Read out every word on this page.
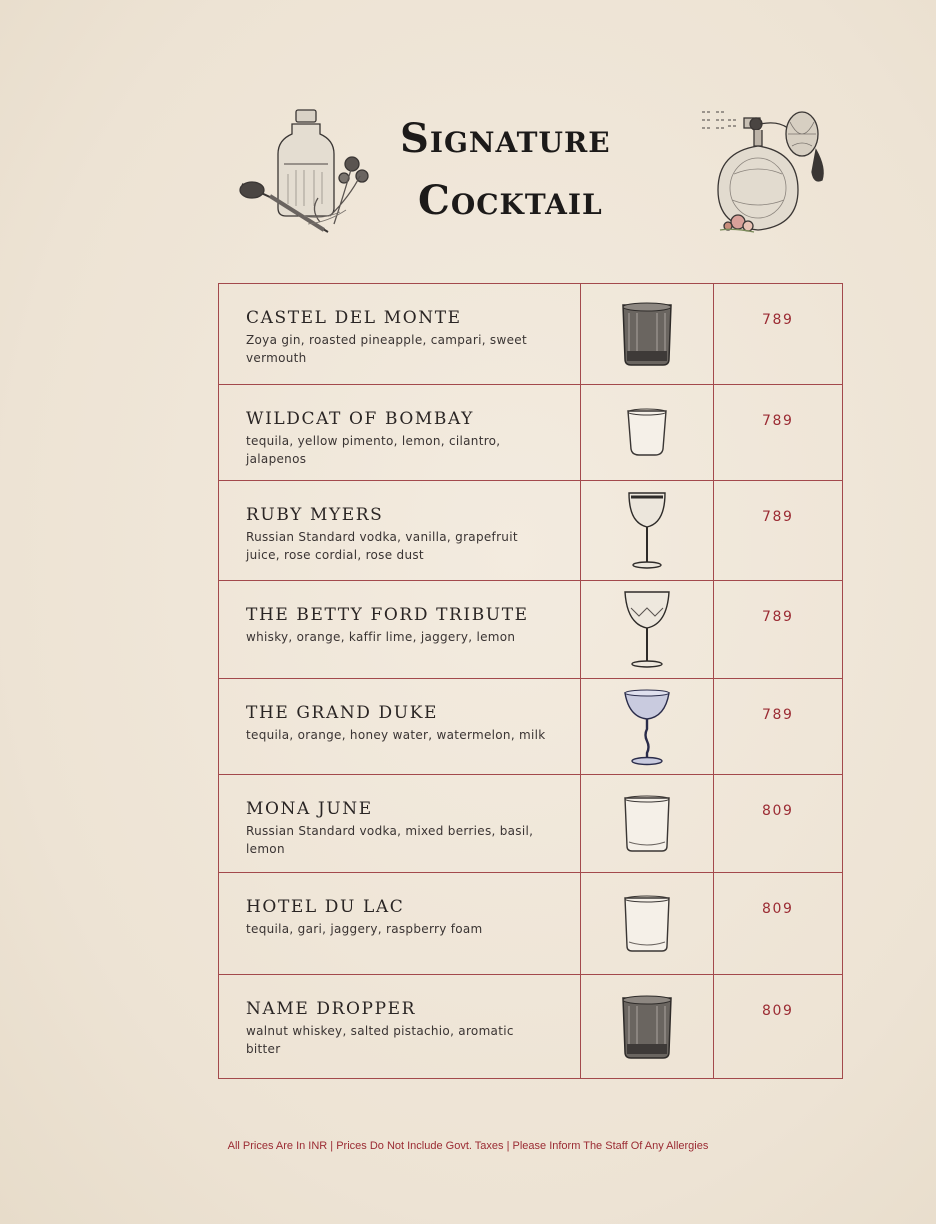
Signature
Cocktail
CASTEL DEL MONTE
Zoya gin, roasted pineapple, campari, sweet vermouth		789

WILDCAT OF BOMBAY
tequila, yellow pimento, lemon, cilantro, jalapenos		789

RUBY MYERS
Russian Standard vodka, vanilla, grapefruit juice, rose cordial, rose dust		789

THE BETTY FORD TRIBUTE
whisky, orange, kaffir lime, jaggery, lemon		789

THE GRAND DUKE
tequila, orange, honey water, watermelon, milk		789

MONA JUNE
Russian Standard vodka, mixed berries, basil, lemon		809

HOTEL DU LAC
tequila, gari, jaggery, raspberry foam		809

NAME DROPPER
walnut whiskey, salted pistachio, aromatic bitter		809
All Prices Are In INR | Prices Do Not Include Govt. Taxes | Please Inform The Staff Of Any Allergies
